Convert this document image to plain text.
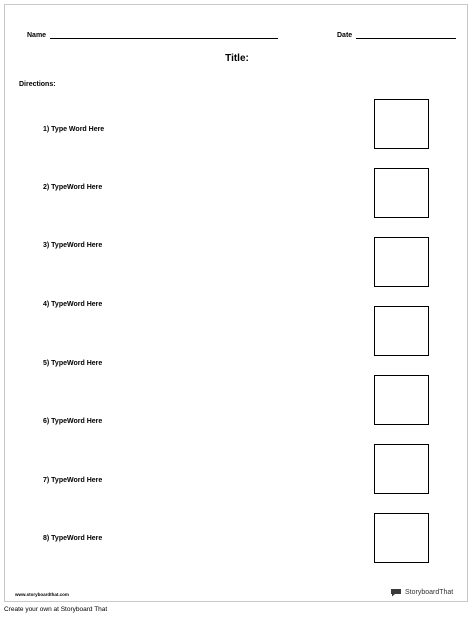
Name	Date
Title:
Directions:
1) Type Word Here
2) TypeWord Here
3) TypeWord Here
4) TypeWord Here
5) TypeWord Here
6) TypeWord Here
7) TypeWord Here
8) TypeWord Here
www.storyboardthat.com	StoryboardThat
Create your own at Storyboard That
